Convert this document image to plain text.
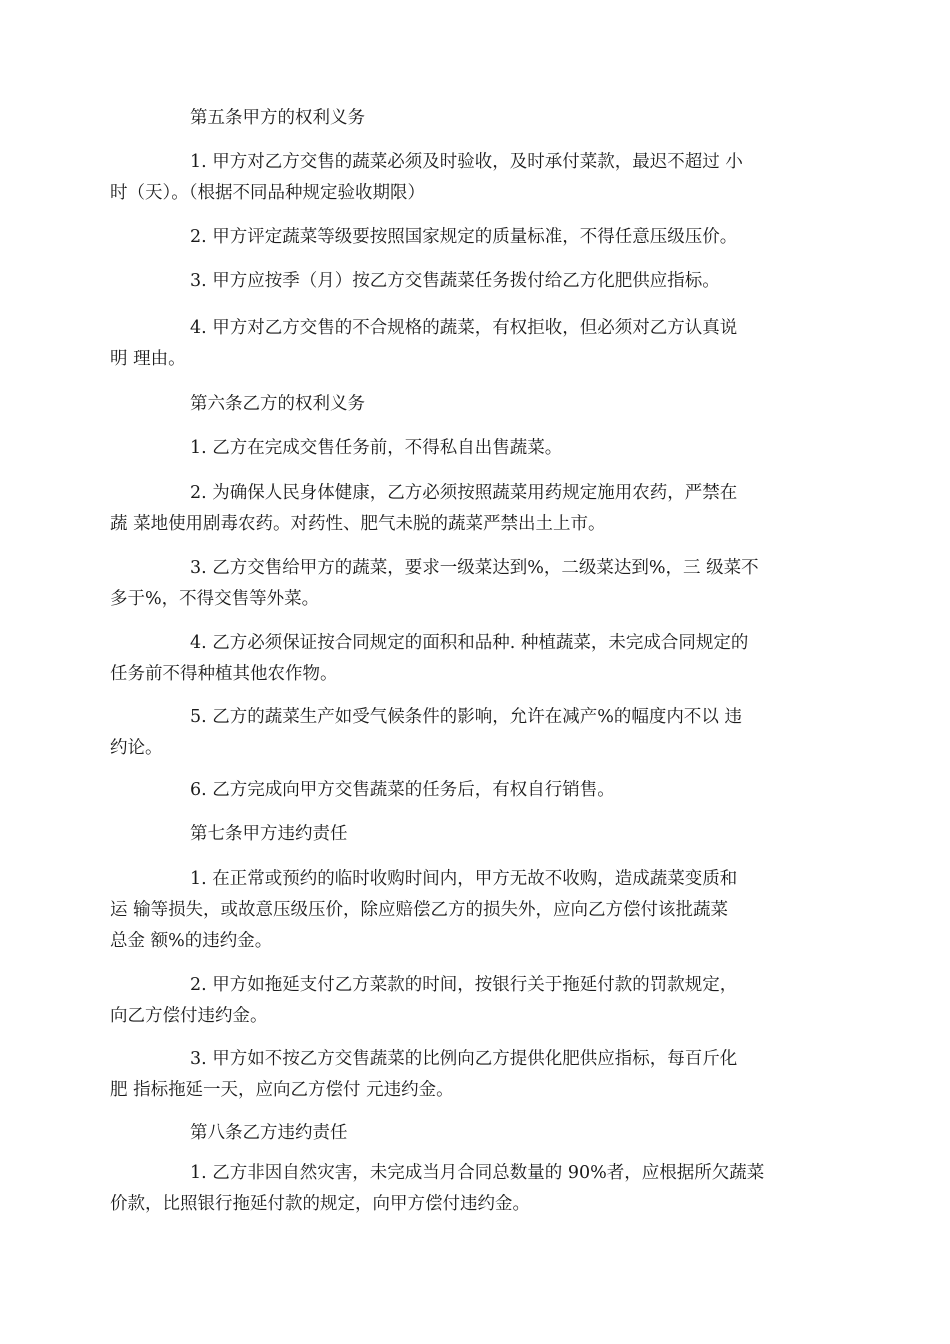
第五条甲方的权利义务
1. 甲方对乙方交售的蔬菜必须及时验收，及时承付菜款，最迟不超过 小
时（天）。（根据不同品种规定验收期限）
2. 甲方评定蔬菜等级要按照国家规定的质量标准，不得任意压级压价。
3. 甲方应按季（月）按乙方交售蔬菜任务拨付给乙方化肥供应指标。
4. 甲方对乙方交售的不合规格的蔬菜，有权拒收，但必须对乙方认真说
明 理由。
第六条乙方的权利义务
1. 乙方在完成交售任务前，不得私自出售蔬菜。
2. 为确保人民身体健康，乙方必须按照蔬菜用药规定施用农药，严禁在
蔬 菜地使用剧毒农药。对药性、肥气未脱的蔬菜严禁出土上市。
3. 乙方交售给甲方的蔬菜，要求一级菜达到%，二级菜达到%，三 级菜不
多于%，不得交售等外菜。
4. 乙方必须保证按合同规定的面积和品种. 种植蔬菜，未完成合同规定的
任务前不得种植其他农作物。
5. 乙方的蔬菜生产如受气候条件的影响，允许在减产%的幅度内不以 违
约论。
6. 乙方完成向甲方交售蔬菜的任务后，有权自行销售。
第七条甲方违约责任
1. 在正常或预约的临时收购时间内，甲方无故不收购，造成蔬菜变质和
运 输等损失，或故意压级压价，除应赔偿乙方的损失外，应向乙方偿付该批蔬菜
总金 额%的违约金。
2. 甲方如拖延支付乙方菜款的时间，按银行关于拖延付款的罚款规定，
向乙方偿付违约金。
3. 甲方如不按乙方交售蔬菜的比例向乙方提供化肥供应指标，每百斤化
肥 指标拖延一天，应向乙方偿付 元违约金。
第八条乙方违约责任
1. 乙方非因自然灾害，未完成当月合同总数量的 90%者，应根据所欠蔬菜
价款，比照银行拖延付款的规定，向甲方偿付违约金。
